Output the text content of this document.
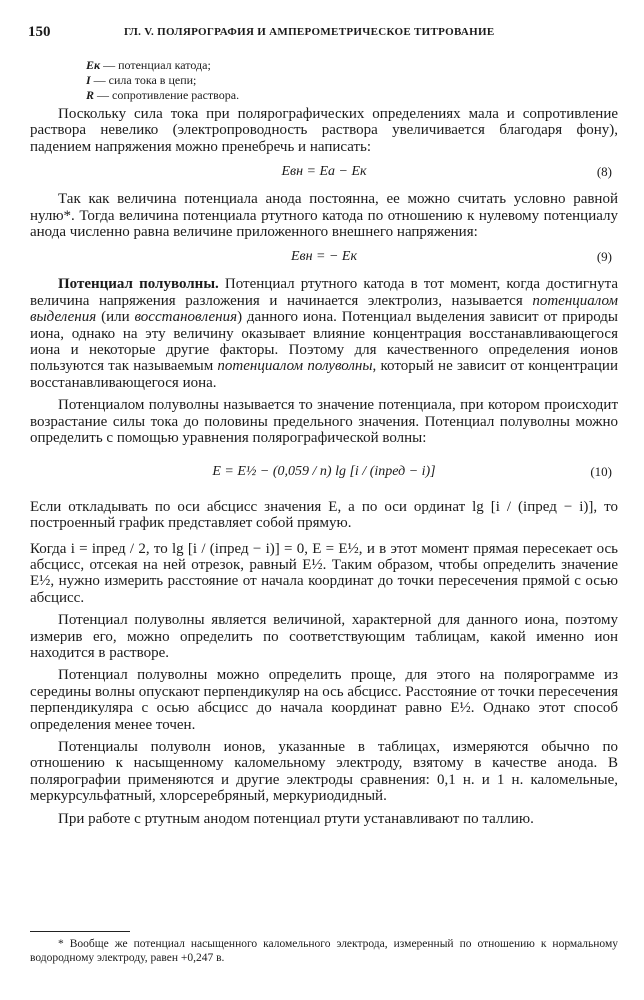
150	ГЛ. V. ПОЛЯРОГРАФИЯ И АМПЕРОМЕТРИЧЕСКОЕ ТИТРОВАНИЕ
Eк — потенциал катода;
I — сила тока в цепи;
R — сопротивление раствора.

Поскольку сила тока при полярографических определениях мала и сопротивление раствора невелико (электропроводность раствора увеличивается благодаря фону), падением напряжения можно пренебречь и написать:

Eвн = Eа − Eк	(8)

Так как величина потенциала анода постоянна, ее можно считать условно равной нулю*. Тогда величина потенциала ртутного катода по отношению к нулевому потенциалу анода численно равна величине приложенного внешнего напряжения:

Eвн = − Eк	(9)

Потенциал полуволны. Потенциал ртутного катода в тот момент, когда достигнута величина напряжения разложения и начинается электролиз, называется потенциалом выделения (или восстановления) данного иона. Потенциал выделения зависит от природы иона, однако на эту величину оказывает влияние концентрация восстанавливающегося иона и некоторые другие факторы. Поэтому для качественного определения ионов пользуются так называемым потенциалом полуволны, который не зависит от концентрации восстанавливающегося иона.

Потенциалом полуволны называется то значение потенциала, при котором происходит возрастание силы тока до половины предельного значения. Потенциал полуволны можно определить с помощью уравнения полярографической волны:

E = E½ − (0,059 / n) lg [i / (iпред − i)]	(10)

Если откладывать по оси абсцисс значения E, а по оси ординат lg [i / (iпред − i)], то построенный график представляет собой прямую.

Когда i = iпред / 2, то lg [i / (iпред − i)] = 0, E = E½, и в этот момент прямая пересекает ось абсцисс, отсекая на ней отрезок, равный E½. Таким образом, чтобы определить значение E½, нужно измерить расстояние от начала координат до точки пересечения прямой с осью абсцисс.

Потенциал полуволны является величиной, характерной для данного иона, поэтому измерив его, можно определить по соответствующим таблицам, какой именно ион находится в растворе.

Потенциал полуволны можно определить проще, для этого на полярограмме из середины волны опускают перпендикуляр на ось абсцисс. Расстояние от точки пересечения перпендикуляра с осью абсцисс до начала координат равно E½. Однако этот способ определения менее точен.

Потенциалы полуволн ионов, указанные в таблицах, измеряются обычно по отношению к насыщенному каломельному электроду, взятому в качестве анода. В полярографии применяются и другие электроды сравнения: 0,1 н. и 1 н. каломельные, меркурсульфатный, хлорсеребряный, меркуриодидный.

При работе с ртутным анодом потенциал ртути устанавливают по таллию.

* Вообще же потенциал насыщенного каломельного электрода, измеренный по отношению к нормальному водородному электроду, равен +0,247 в.
